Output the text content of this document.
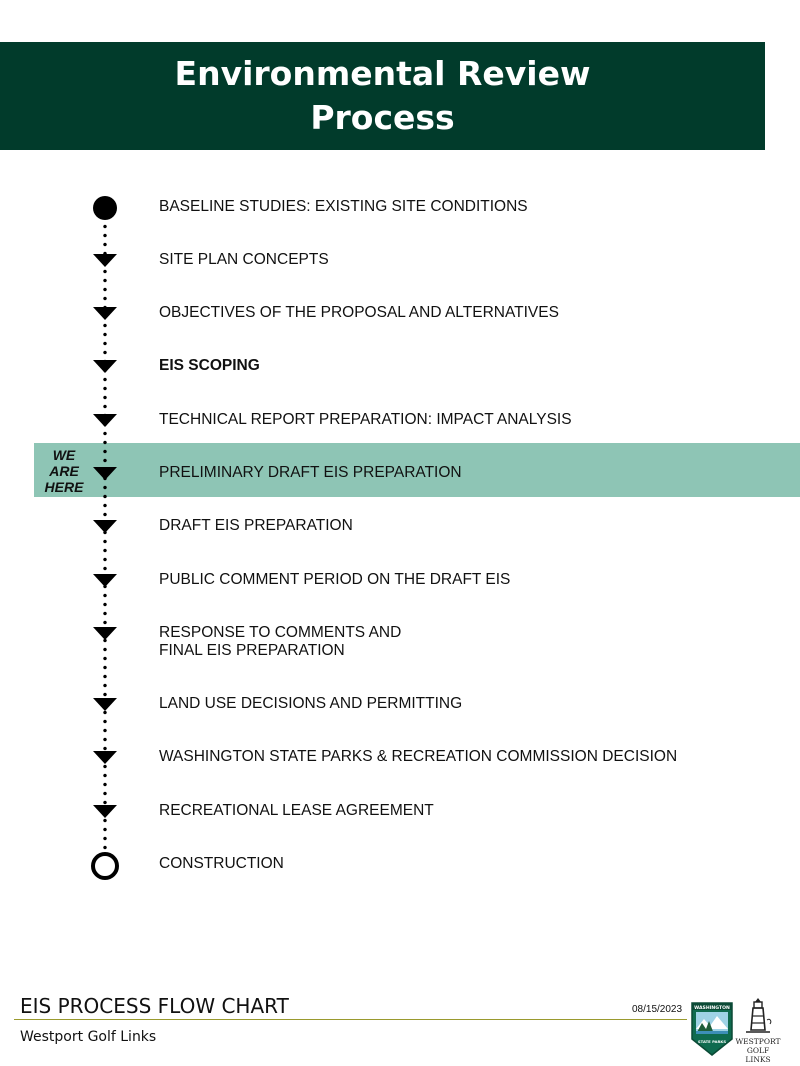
Environmental Review
Process
WE
ARE
HERE
BASELINE STUDIES: EXISTING SITE CONDITIONS
SITE PLAN CONCEPTS
OBJECTIVES OF THE PROPOSAL AND ALTERNATIVES
EIS SCOPING
TECHNICAL REPORT PREPARATION: IMPACT ANALYSIS
PRELIMINARY DRAFT EIS PREPARATION
DRAFT EIS PREPARATION
PUBLIC COMMENT PERIOD ON THE DRAFT EIS
RESPONSE TO COMMENTS AND
FINAL EIS PREPARATION
LAND USE DECISIONS AND PERMITTING
WASHINGTON STATE PARKS & RECREATION COMMISSION DECISION
RECREATIONAL LEASE AGREEMENT
CONSTRUCTION
EIS PROCESS FLOW CHART
Westport Golf Links
08/15/2023	WASHINGTON
STATE PARKS WESTPORT
GOLF LINKS
